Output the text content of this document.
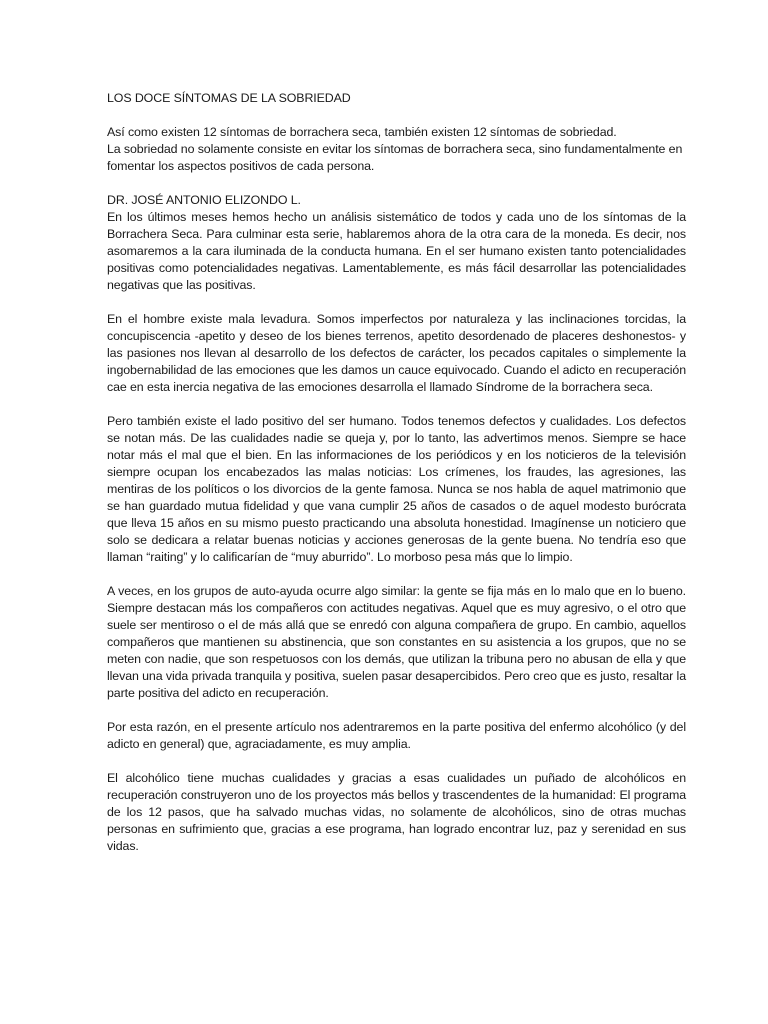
LOS DOCE SÍNTOMAS DE LA SOBRIEDAD
Así como existen 12 síntomas de borrachera seca, también existen 12 síntomas de sobriedad.
La sobriedad no solamente consiste en evitar los síntomas de borrachera seca, sino fundamentalmente en fomentar los aspectos positivos de cada persona.
DR. JOSÉ ANTONIO ELIZONDO L.

En los últimos meses hemos hecho un análisis sistemático de todos y cada uno de los síntomas de la Borrachera Seca. Para culminar esta serie, hablaremos ahora de la otra cara de la moneda. Es decir, nos asomaremos a la cara iluminada de la conducta humana. En el ser humano existen tanto potencialidades positivas como potencialidades negativas. Lamentablemente, es más fácil desarrollar las potencialidades negativas que las positivas.

En el hombre existe mala levadura. Somos imperfectos por naturaleza y las inclinaciones torcidas, la concupiscencia -apetito y deseo de los bienes terrenos, apetito desordenado de placeres deshonestos- y las pasiones nos llevan al desarrollo de los defectos de carácter, los pecados capitales o simplemente la ingobernabilidad de las emociones que les damos un cauce equivocado. Cuando el adicto en recuperación cae en esta inercia negativa de las emociones desarrolla el llamado Síndrome de la borrachera seca.

Pero también existe el lado positivo del ser humano. Todos tenemos defectos y cualidades. Los defectos se notan más. De las cualidades nadie se queja y, por lo tanto, las advertimos menos. Siempre se hace notar más el mal que el bien. En las informaciones de los periódicos y en los noticieros de la televisión siempre ocupan los encabezados las malas noticias: Los crímenes, los fraudes, las agresiones, las mentiras de los políticos o los divorcios de la gente famosa. Nunca se nos habla de aquel matrimonio que se han guardado mutua fidelidad y que vana cumplir 25 años de casados o de aquel modesto burócrata que lleva 15 años en su mismo puesto practicando una absoluta honestidad. Imagínense un noticiero que solo se dedicara a relatar buenas noticias y acciones generosas de la gente buena. No tendría eso que llaman “raiting” y lo calificarían de “muy aburrido”. Lo morboso pesa más que lo limpio.

A veces, en los grupos de auto-ayuda ocurre algo similar: la gente se fija más en lo malo que en lo bueno. Siempre destacan más los compañeros con actitudes negativas. Aquel que es muy agresivo, o el otro que suele ser mentiroso o el de más allá que se enredó con alguna compañera de grupo. En cambio, aquellos compañeros que mantienen su abstinencia, que son constantes en su asistencia a los grupos, que no se meten con nadie, que son respetuosos con los demás, que utilizan la tribuna pero no abusan de ella y que llevan una vida privada tranquila y positiva, suelen pasar desapercibidos. Pero creo que es justo, resaltar la parte positiva del adicto en recuperación.

Por esta razón, en el presente artículo nos adentraremos en la parte positiva del enfermo alcohólico (y del adicto en general) que, agraciadamente, es muy amplia.

El alcohólico tiene muchas cualidades y gracias a esas cualidades un puñado de alcohólicos en recuperación construyeron uno de los proyectos más bellos y trascendentes de la humanidad: El programa de los 12 pasos, que ha salvado muchas vidas, no solamente de alcohólicos, sino de otras muchas personas en sufrimiento que, gracias a ese programa, han logrado encontrar luz, paz y serenidad en sus vidas.
